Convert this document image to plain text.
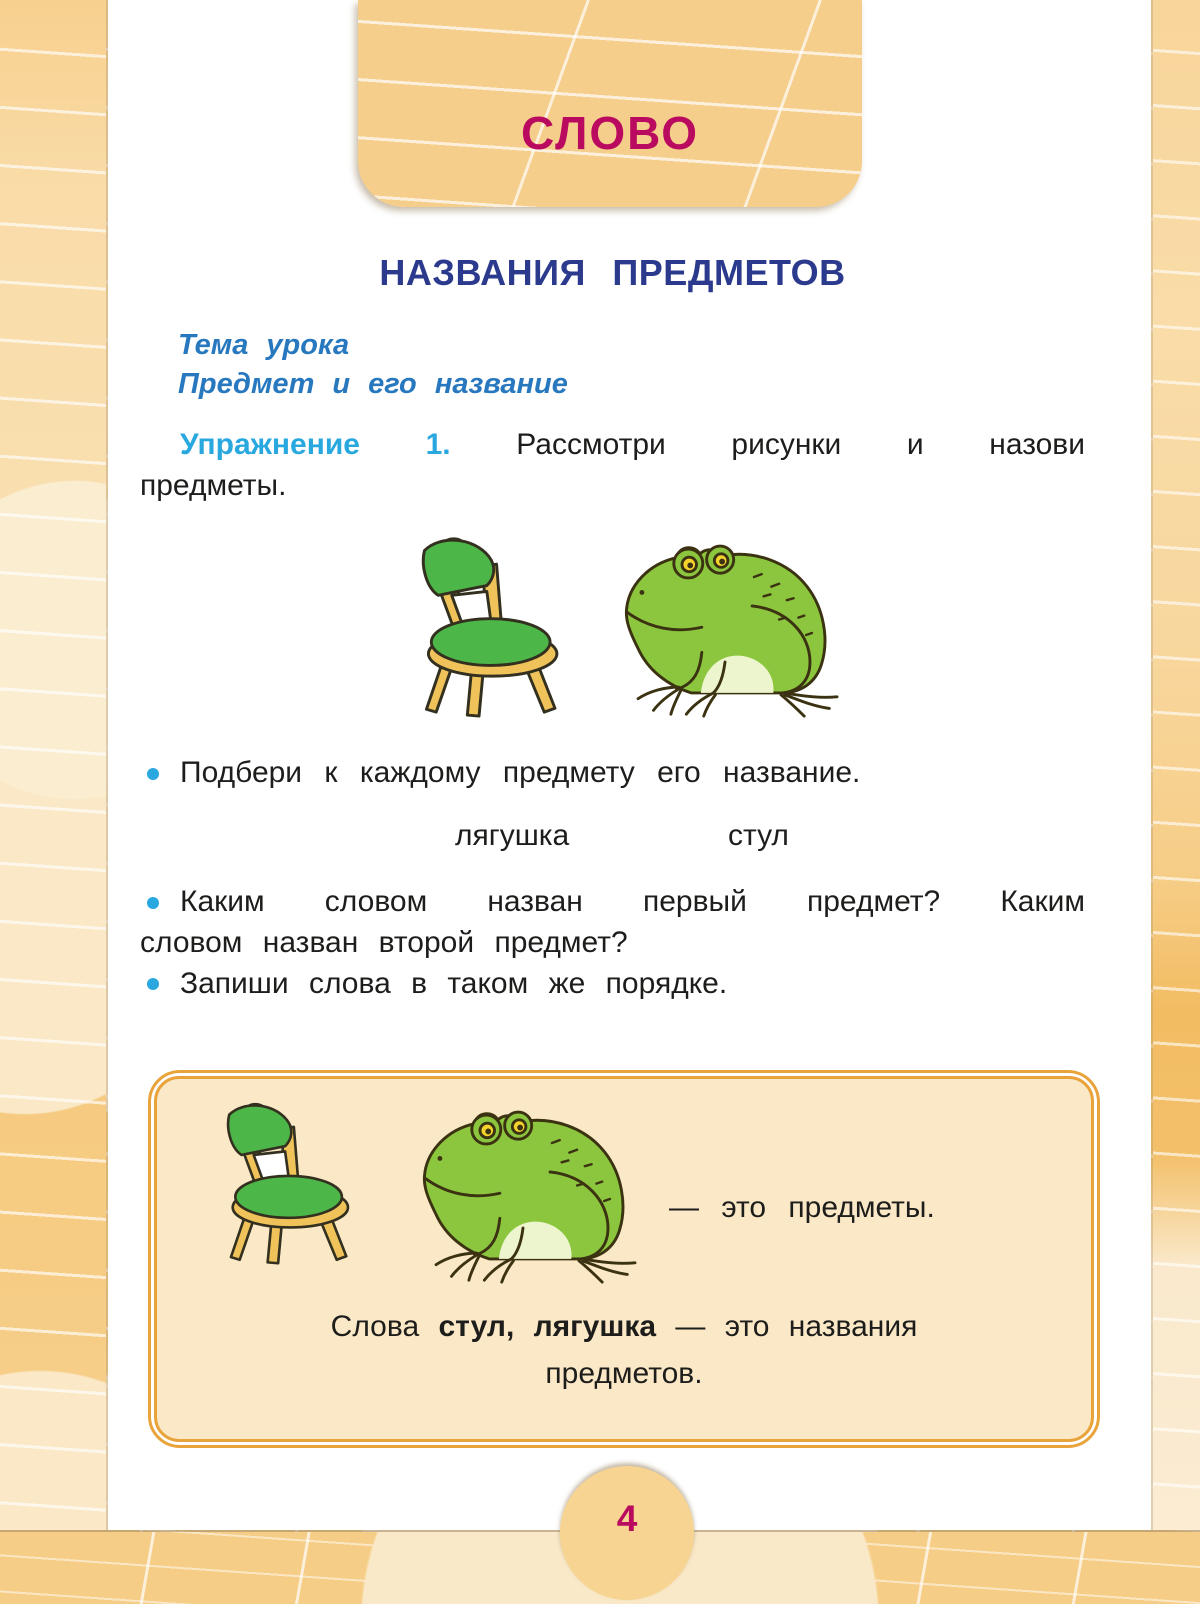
СЛОВО
НАЗВАНИЯ ПРЕДМЕТОВ
Тема урока
Предмет и его название
Упражнение 1. Рассмотри рисунки и назови
предметы.
Подбери к каждому предмету его название.
лягушка	стул
Каким словом назван первый предмет? Каким
словом назван второй предмет?
Запиши слова в таком же порядке.
— это предметы.
Слова стул, лягушка — это названия
предметов.
4
